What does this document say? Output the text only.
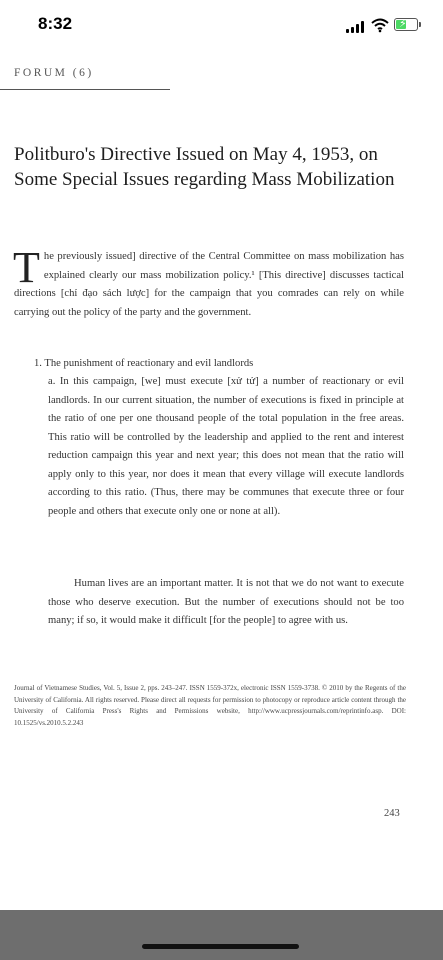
8:32	⚡
FORUM (6)
Politburo's Directive Issued on May 4, 1953, on Some Special Issues regarding Mass Mobilization
The previously issued] directive of the Central Committee on mass mobilization has explained clearly our mass mobilization policy.¹ [This directive] discusses tactical directions [chỉ đạo sách lược] for the campaign that you comrades can rely on while carrying out the policy of the party and the government.
1. The punishment of reactionary and evil landlords
a. In this campaign, [we] must execute [xử tử] a number of reactionary or evil landlords. In our current situation, the number of executions is fixed in principle at the ratio of one per one thousand people of the total population in the free areas. This ratio will be controlled by the leadership and applied to the rent and interest reduction campaign this year and next year; this does not mean that the ratio will apply only to this year, nor does it mean that every village will execute landlords according to this ratio. (Thus, there may be communes that execute three or four people and others that execute only one or none at all).
Human lives are an important matter. It is not that we do not want to execute those who deserve execution. But the number of executions should not be too many; if so, it would make it difficult [for the people] to agree with us.
Journal of Vietnamese Studies, Vol. 5, Issue 2, pps. 243–247. ISSN 1559-372x, electronic ISSN 1559-3738. © 2010 by the Regents of the University of California. All rights reserved. Please direct all requests for permission to photocopy or reproduce article content through the University of California Press's Rights and Permissions website, http://www.ucpressjournals.com/reprintinfo.asp. DOI: 10.1525/vs.2010.5.2.243
243
